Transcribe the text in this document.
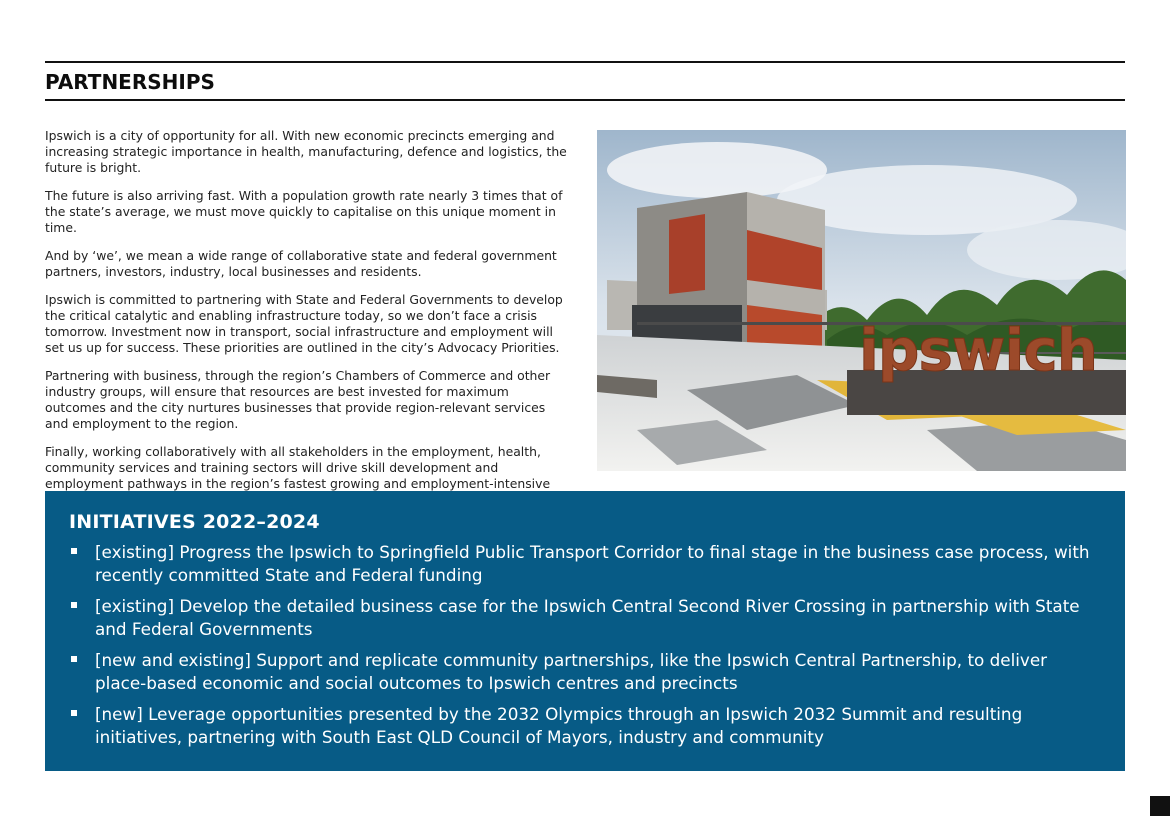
PARTNERSHIPS

Ipswich is a city of opportunity for all. With new economic precincts emerging and increasing strategic importance in health, manufacturing, defence and logistics, the future is bright.

The future is also arriving fast. With a population growth rate nearly 3 times that of the state’s average, we must move quickly to capitalise on this unique moment in time.

And by ‘we’, we mean a wide range of collaborative state and federal government partners, investors, industry, local businesses and residents.

Ipswich is committed to partnering with State and Federal Governments to develop the critical catalytic and enabling infrastructure today, so we don’t face a crisis tomorrow. Investment now in transport, social infrastructure and employment will set us up for success. These priorities are outlined in the city’s Advocacy Priorities.

Partnering with business, through the region’s Chambers of Commerce and other industry groups, will ensure that resources are best invested for maximum outcomes and the city nurtures businesses that provide region-relevant services and employment to the region.

Finally, working collaboratively with all stakeholders in the employment, health, community services and training sectors will drive skill development and employment pathways in the region’s fastest growing and employment-intensive

ipswich
INITIATIVES 2022–2024
[existing] Progress the Ipswich to Springfield Public Transport Corridor to final stage in the business case process, with recently committed State and Federal funding
[existing] Develop the detailed business case for the Ipswich Central Second River Crossing in partnership with State and Federal Governments
[new and existing] Support and replicate community partnerships, like the Ipswich Central Partnership, to deliver place-based economic and social outcomes to Ipswich centres and precincts
[new] Leverage opportunities presented by the 2032 Olympics through an Ipswich 2032 Summit and resulting initiatives, partnering with South East QLD Council of Mayors, industry and community
